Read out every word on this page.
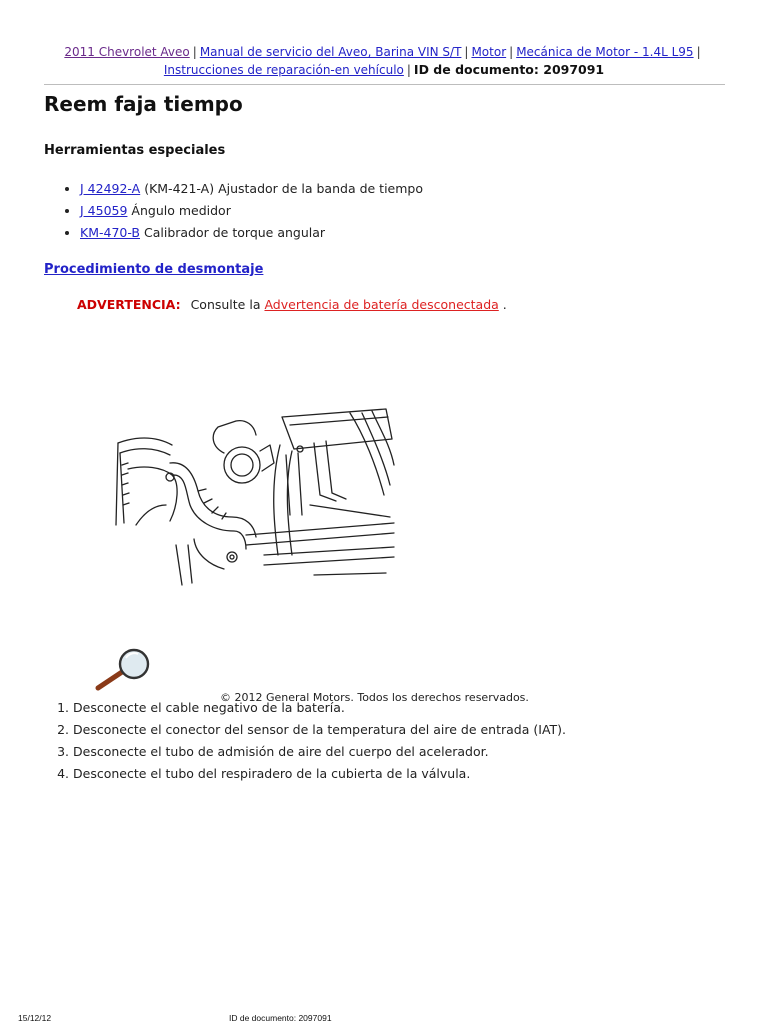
2011 Chevrolet Aveo | Manual de servicio del Aveo, Barina VIN S/T | Motor | Mecánica de Motor - 1.4L L95 |
Instrucciones de reparación-en vehículo | ID de documento: 2097091
Reem faja tiempo
Herramientas especiales
• J 42492-A (KM-421-A) Ajustador de la banda de tiempo
• J 45059 Ángulo medidor
• KM-470-B Calibrador de torque angular
Procedimiento de desmontaje
ADVERTENCIA: Consulte la Advertencia de batería desconectada .
© 2012 General Motors. Todos los derechos reservados.
1. Desconecte el cable negativo de la batería.
2. Desconecte el conector del sensor de la temperatura del aire de entrada (IAT).
3. Desconecte el tubo de admisión de aire del cuerpo del acelerador.
4. Desconecte el tubo del respiradero de la cubierta de la válvula.
15/12/12	ID de documento: 2097091
